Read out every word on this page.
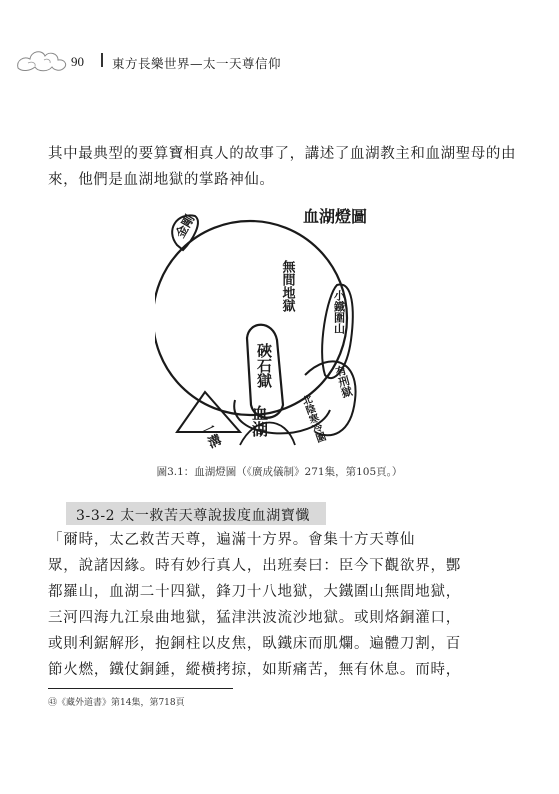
90 東方長樂世界—太一天尊信仰
其中最典型的要算寶相真人的故事了，講述了血湖教主和血湖聖母的由來，他們是血湖地獄的掌路神仙。
血湖燈圖
金剛
無間地獄	小鐵圍山
硤石獄	有刑獄
一溝 血湖	北陰寒冷圍
圖3.1：血湖燈圖（《廣成儀制》271集，第105頁。）
3-3-2 太一救苦天尊說拔度血湖寶懺
「爾時，太乙救苦天尊，遍滿十方界。會集十方天尊仙
眾，說諸因緣。時有妙行真人，出班奏曰：臣今下觀欲界，酆
都羅山，血湖二十四獄，鋒刀十八地獄，大鐵圍山無間地獄，
三河四海九江泉曲地獄，猛津洪波流沙地獄。或則烙銅灌口，
或則利鋸解形，抱銅柱以皮焦，臥鐵床而肌爛。遍體刀割，百
節火燃，鐵仗銅錘，縱橫拷掠，如斯痛苦，無有休息。而時，
㊸《藏外道書》第14集，第718頁
